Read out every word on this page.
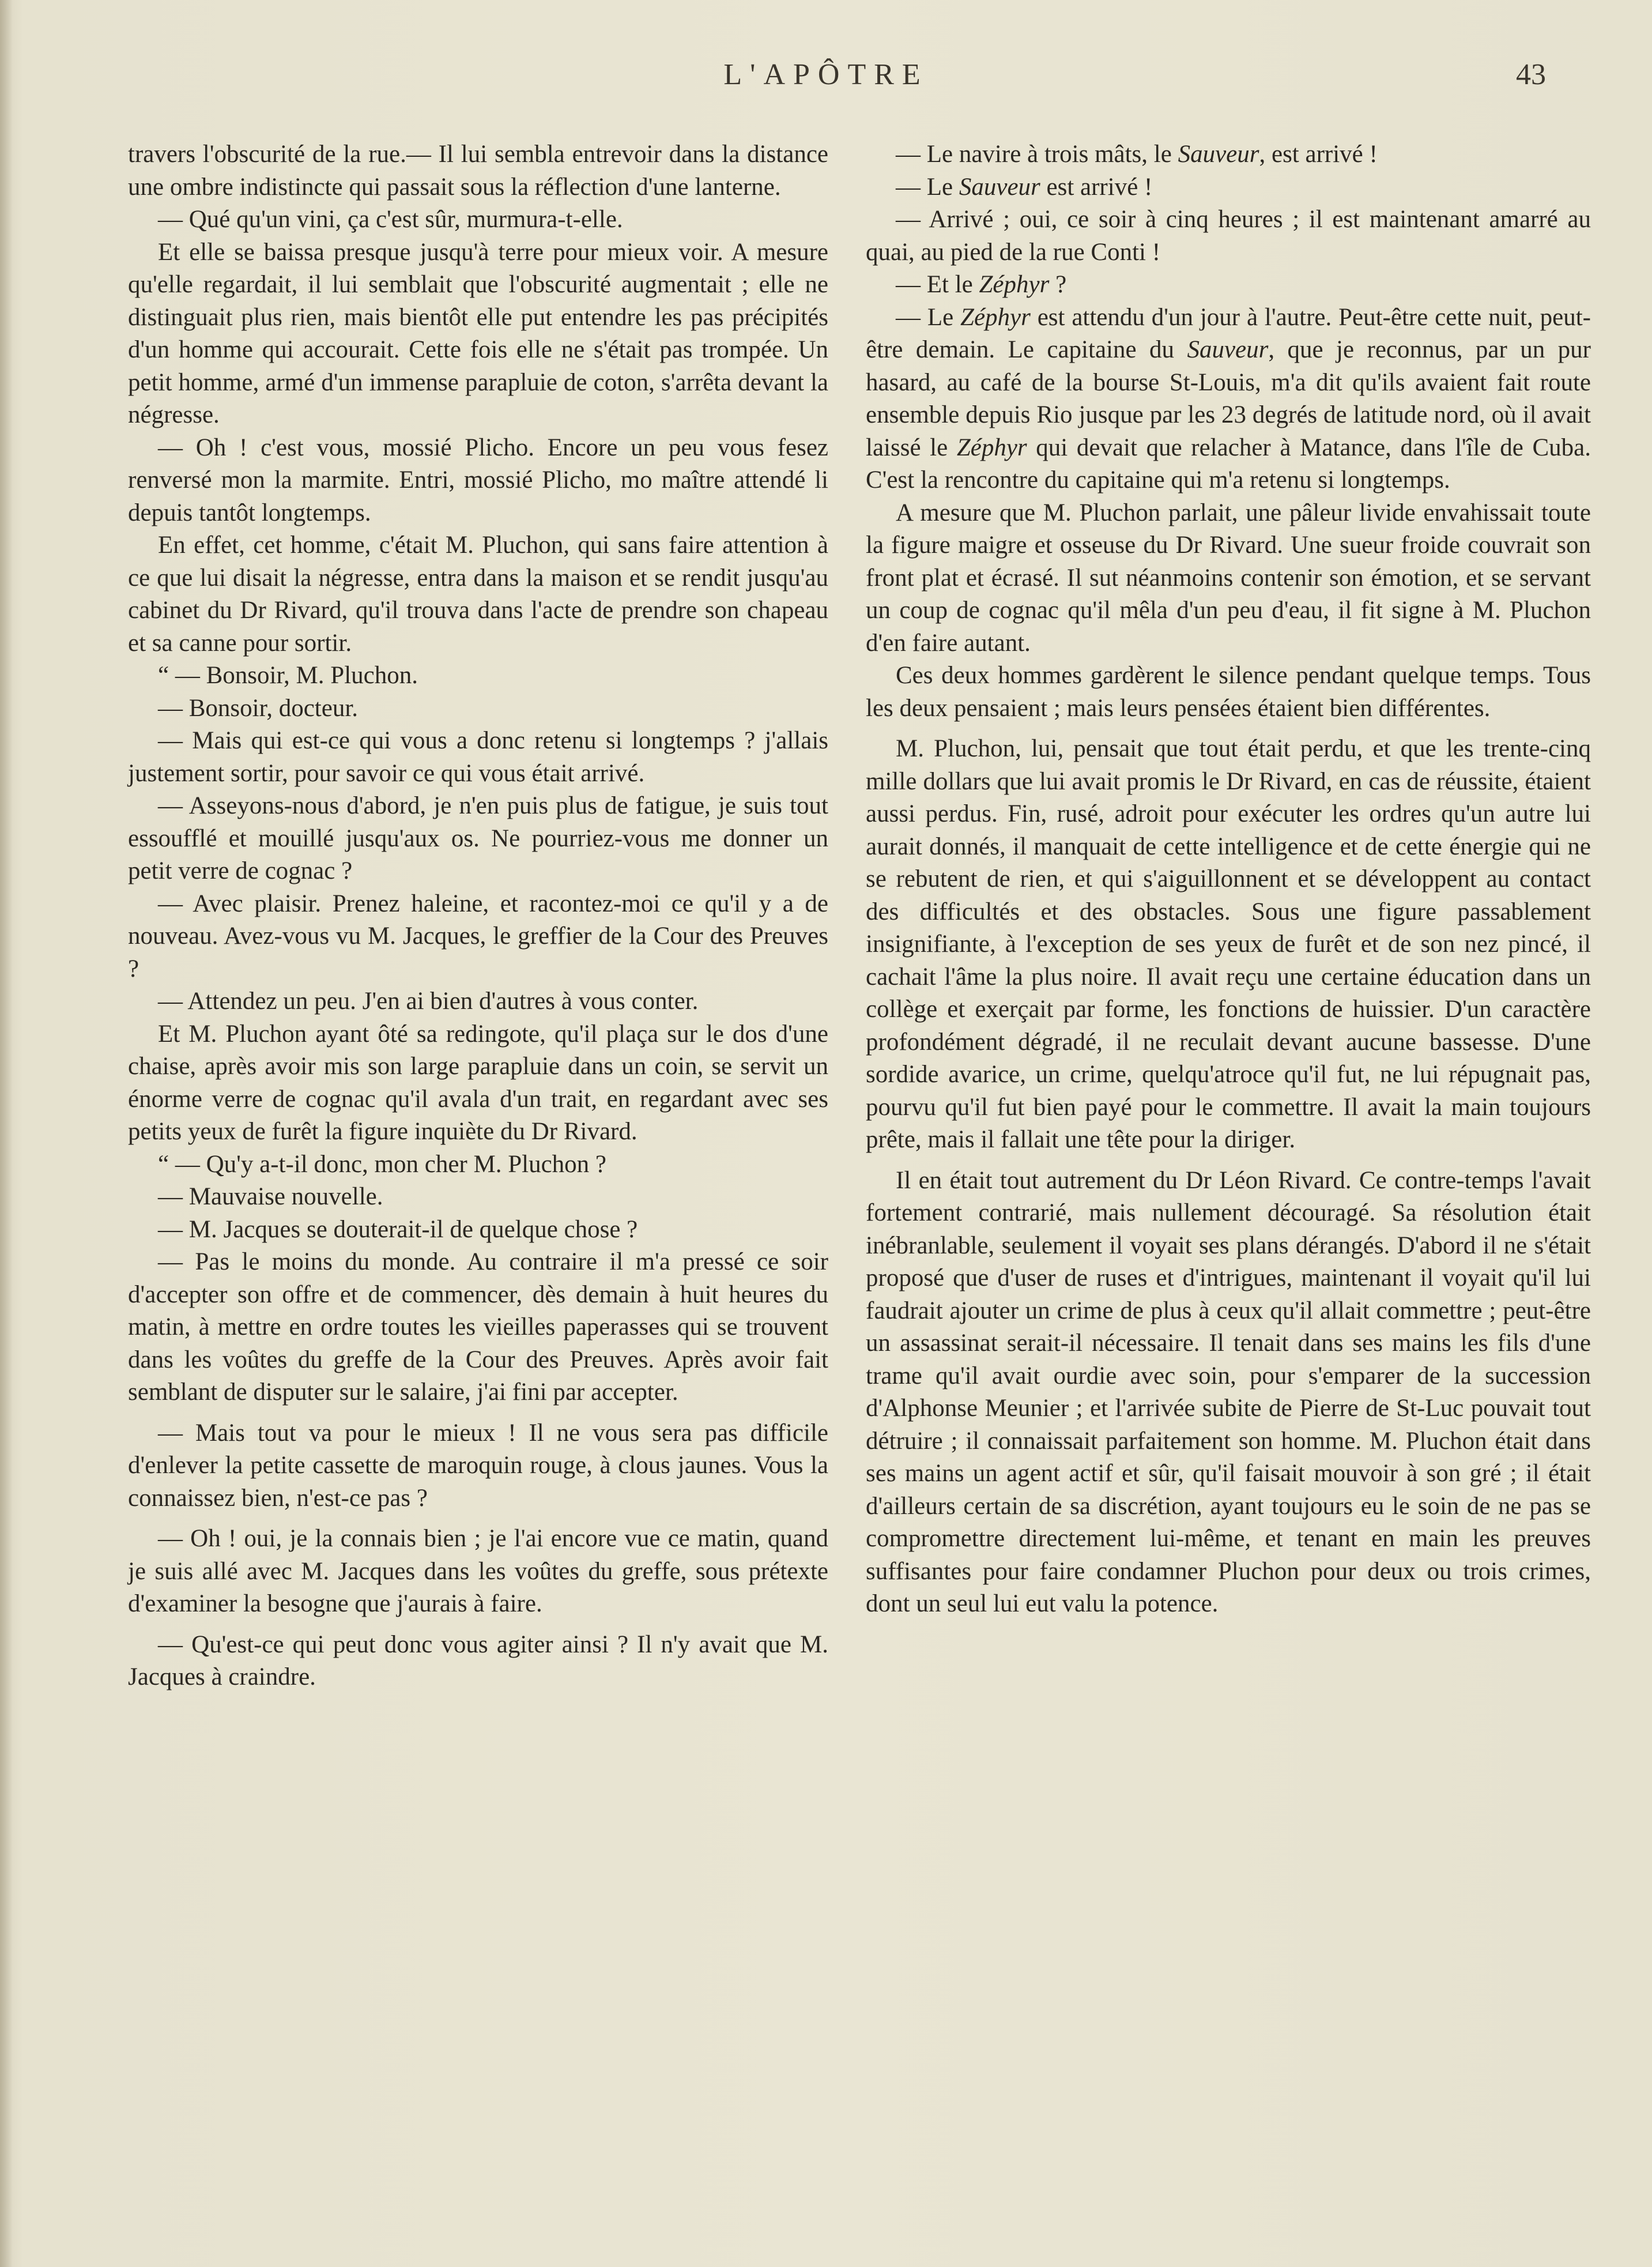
L'APÔTRE	43

travers l'obscurité de la rue.— Il lui sembla entrevoir dans la distance une ombre indistincte qui passait sous la réflection d'une lanterne.

— Qué qu'un vini, ça c'est sûr, murmura-t-elle.

Et elle se baissa presque jusqu'à terre pour mieux voir. A mesure qu'elle regardait, il lui semblait que l'obscurité augmentait ; elle ne distinguait plus rien, mais bientôt elle put entendre les pas précipités d'un homme qui accourait. Cette fois elle ne s'était pas trompée. Un petit homme, armé d'un immense parapluie de coton, s'arrêta devant la négresse.

— Oh ! c'est vous, mossié Plicho. Encore un peu vous fesez renversé mon la marmite. Entri, mossié Plicho, mo maître attendé li depuis tantôt longtemps.

En effet, cet homme, c'était M. Pluchon, qui sans faire attention à ce que lui disait la négresse, entra dans la maison et se rendit jusqu'au cabinet du Dr Rivard, qu'il trouva dans l'acte de prendre son chapeau et sa canne pour sortir.

“ — Bonsoir, M. Pluchon.

— Bonsoir, docteur.

— Mais qui est-ce qui vous a donc retenu si longtemps ? j'allais justement sortir, pour savoir ce qui vous était arrivé.

— Asseyons-nous d'abord, je n'en puis plus de fatigue, je suis tout essoufflé et mouillé jusqu'aux os. Ne pourriez-vous me donner un petit verre de cognac ?

— Avec plaisir. Prenez haleine, et racontez-moi ce qu'il y a de nouveau. Avez-vous vu M. Jacques, le greffier de la Cour des Preuves ?

— Attendez un peu. J'en ai bien d'autres à vous conter.

Et M. Pluchon ayant ôté sa redingote, qu'il plaça sur le dos d'une chaise, après avoir mis son large parapluie dans un coin, se servit un énorme verre de cognac qu'il avala d'un trait, en regardant avec ses petits yeux de furêt la figure inquiète du Dr Rivard.

“ — Qu'y a-t-il donc, mon cher M. Pluchon ?

— Mauvaise nouvelle.

— M. Jacques se douterait-il de quelque chose ?

— Pas le moins du monde. Au contraire il m'a pressé ce soir d'accepter son offre et de commencer, dès demain à huit heures du matin, à mettre en ordre toutes les vieilles paperasses qui se trouvent dans les voûtes du greffe de la Cour des Preuves. Après avoir fait semblant de disputer sur le salaire, j'ai fini par accepter.

— Mais tout va pour le mieux ! Il ne vous sera pas difficile d'enlever la petite cassette de maroquin rouge, à clous jaunes. Vous la connaissez bien, n'est-ce pas ?

— Oh ! oui, je la connais bien ; je l'ai encore vue ce matin, quand je suis allé avec M. Jacques dans les voûtes du greffe, sous prétexte d'examiner la besogne que j'aurais à faire.

— Qu'est-ce qui peut donc vous agiter ainsi ? Il n'y avait que M. Jacques à craindre.

— Le navire à trois mâts, le Sauveur, est arrivé !

— Le Sauveur est arrivé !

— Arrivé ; oui, ce soir à cinq heures ; il est maintenant amarré au quai, au pied de la rue Conti !

— Et le Zéphyr ?

— Le Zéphyr est attendu d'un jour à l'autre. Peut-être cette nuit, peut-être demain. Le capitaine du Sauveur, que je reconnus, par un pur hasard, au café de la bourse St-Louis, m'a dit qu'ils avaient fait route ensemble depuis Rio jusque par les 23 degrés de latitude nord, où il avait laissé le Zéphyr qui devait que relacher à Matance, dans l'île de Cuba. C'est la rencontre du capitaine qui m'a retenu si longtemps.

A mesure que M. Pluchon parlait, une pâleur livide envahissait toute la figure maigre et osseuse du Dr Rivard. Une sueur froide couvrait son front plat et écrasé. Il sut néanmoins contenir son émotion, et se servant un coup de cognac qu'il mêla d'un peu d'eau, il fit signe à M. Pluchon d'en faire autant.

Ces deux hommes gardèrent le silence pendant quelque temps. Tous les deux pensaient ; mais leurs pensées étaient bien différentes.

M. Pluchon, lui, pensait que tout était perdu, et que les trente-cinq mille dollars que lui avait promis le Dr Rivard, en cas de réussite, étaient aussi perdus. Fin, rusé, adroit pour exécuter les ordres qu'un autre lui aurait donnés, il manquait de cette intelligence et de cette énergie qui ne se rebutent de rien, et qui s'aiguillonnent et se développent au contact des difficultés et des obstacles. Sous une figure passablement insignifiante, à l'exception de ses yeux de furêt et de son nez pincé, il cachait l'âme la plus noire. Il avait reçu une certaine éducation dans un collège et exerçait par forme, les fonctions de huissier. D'un caractère profondément dégradé, il ne reculait devant aucune bassesse. D'une sordide avarice, un crime, quelqu'atroce qu'il fut, ne lui répugnait pas, pourvu qu'il fut bien payé pour le commettre. Il avait la main toujours prête, mais il fallait une tête pour la diriger.

Il en était tout autrement du Dr Léon Rivard. Ce contre-temps l'avait fortement contrarié, mais nullement découragé. Sa résolution était inébranlable, seulement il voyait ses plans dérangés. D'abord il ne s'était proposé que d'user de ruses et d'intrigues, maintenant il voyait qu'il lui faudrait ajouter un crime de plus à ceux qu'il allait commettre ; peut-être un assassinat serait-il nécessaire. Il tenait dans ses mains les fils d'une trame qu'il avait ourdie avec soin, pour s'emparer de la succession d'Alphonse Meunier ; et l'arrivée subite de Pierre de St-Luc pouvait tout détruire ; il connaissait parfaitement son homme. M. Pluchon était dans ses mains un agent actif et sûr, qu'il faisait mouvoir à son gré ; il était d'ailleurs certain de sa discrétion, ayant toujours eu le soin de ne pas se compromettre directement lui-même, et tenant en main les preuves suffisantes pour faire condamner Pluchon pour deux ou trois crimes, dont un seul lui eut valu la potence.
